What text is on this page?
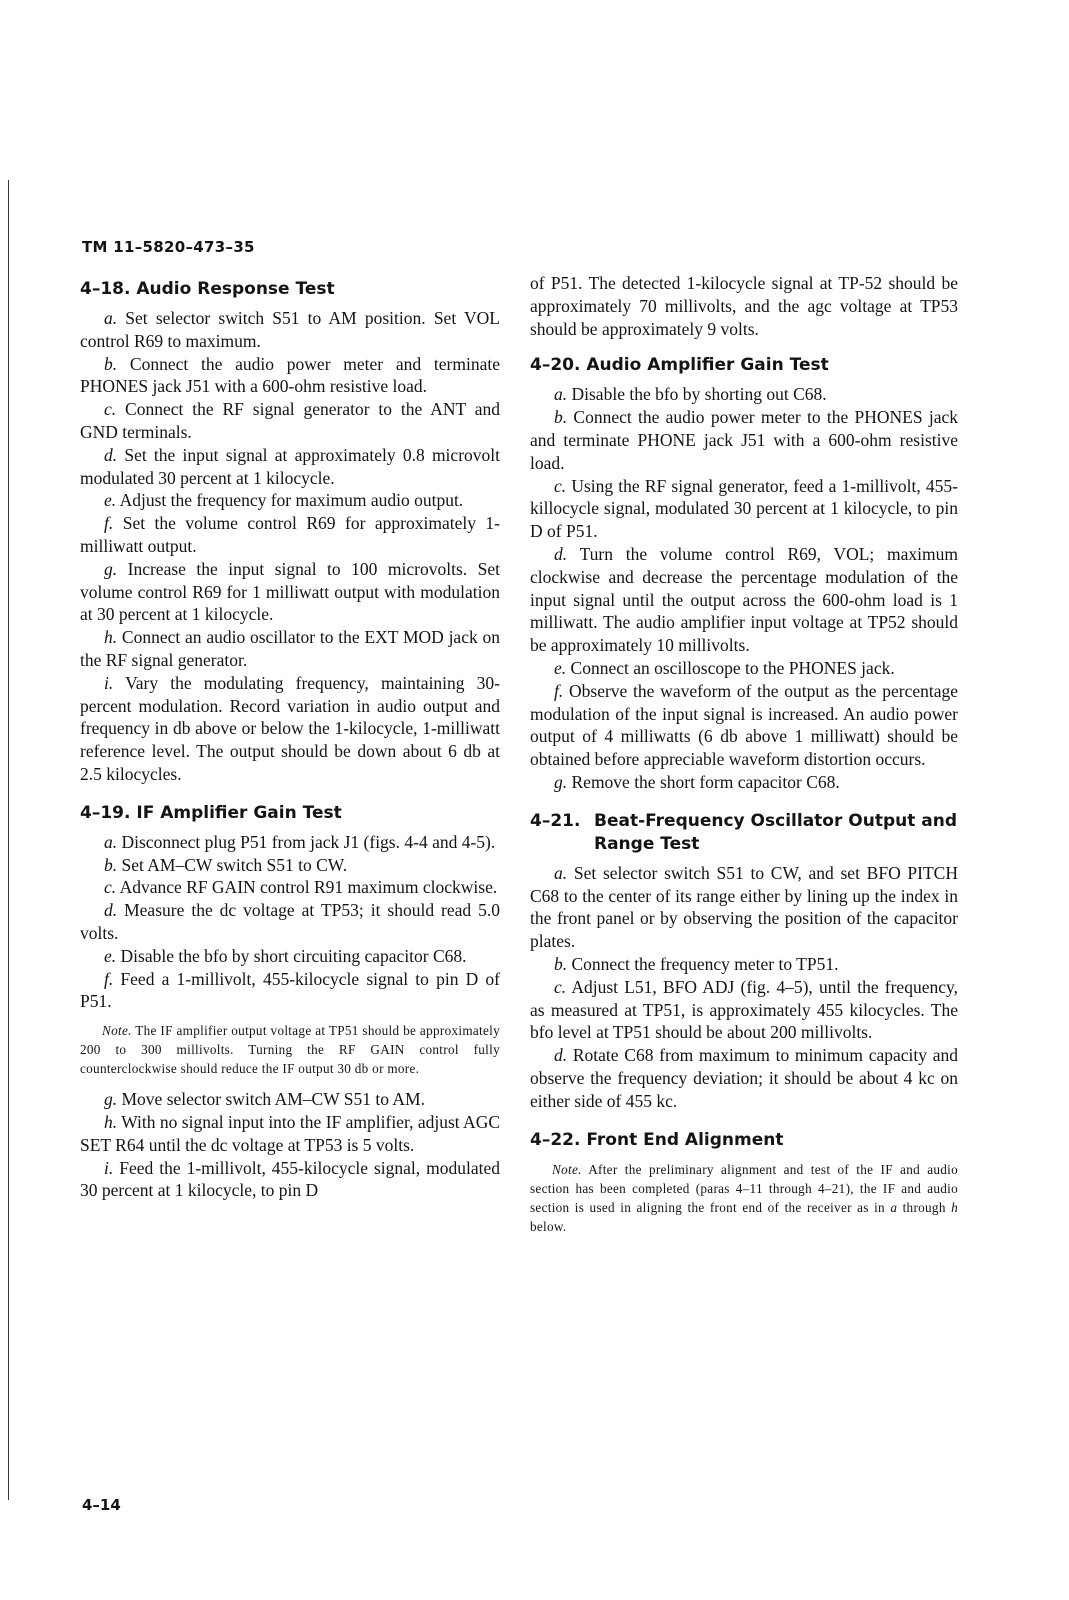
TM 11–5820–473–35
4–18. Audio Response Test

a. Set selector switch S51 to AM position. Set VOL control R69 to maximum.

b. Connect the audio power meter and terminate PHONES jack J51 with a 600-ohm resistive load.

c. Connect the RF signal generator to the ANT and GND terminals.

d. Set the input signal at approximately 0.8 microvolt modulated 30 percent at 1 kilocycle.

e. Adjust the frequency for maximum audio output.

f. Set the volume control R69 for approximately 1-milliwatt output.

g. Increase the input signal to 100 microvolts. Set volume control R69 for 1 milliwatt output with modulation at 30 percent at 1 kilocycle.

h. Connect an audio oscillator to the EXT MOD jack on the RF signal generator.

i. Vary the modulating frequency, maintaining 30-percent modulation. Record variation in audio output and frequency in db above or below the 1-kilocycle, 1-milliwatt reference level. The output should be down about 6 db at 2.5 kilocycles.

4–19. IF Amplifier Gain Test

a. Disconnect plug P51 from jack J1 (figs. 4-4 and 4-5).

b. Set AM–CW switch S51 to CW.

c. Advance RF GAIN control R91 maximum clockwise.

d. Measure the dc voltage at TP53; it should read 5.0 volts.

e. Disable the bfo by short circuiting capacitor C68.

f. Feed a 1-millivolt, 455-kilocycle signal to pin D of P51.

Note. The IF amplifier output voltage at TP51 should be approximately 200 to 300 millivolts. Turning the RF GAIN control fully counterclockwise should reduce the IF output 30 db or more.

g. Move selector switch AM–CW S51 to AM.

h. With no signal input into the IF amplifier, adjust AGC SET R64 until the dc voltage at TP53 is 5 volts.

i. Feed the 1-millivolt, 455-kilocycle signal, modulated 30 percent at 1 kilocycle, to pin D

of P51. The detected 1-kilocycle signal at TP-52 should be approximately 70 millivolts, and the agc voltage at TP53 should be approximately 9 volts.

4–20. Audio Amplifier Gain Test

a. Disable the bfo by shorting out C68.

b. Connect the audio power meter to the PHONES jack and terminate PHONE jack J51 with a 600-ohm resistive load.

c. Using the RF signal generator, feed a 1-millivolt, 455-killocycle signal, modulated 30 percent at 1 kilocycle, to pin D of P51.

d. Turn the volume control R69, VOL; maximum clockwise and decrease the percentage modulation of the input signal until the output across the 600-ohm load is 1 milliwatt. The audio amplifier input voltage at TP52 should be approximately 10 millivolts.

e. Connect an oscilloscope to the PHONES jack.

f. Observe the waveform of the output as the percentage modulation of the input signal is increased. An audio power output of 4 milliwatts (6 db above 1 milliwatt) should be obtained before appreciable waveform distortion occurs.

g. Remove the short form capacitor C68.

4–21. Beat-Frequency Oscillator Output and Range Test

a. Set selector switch S51 to CW, and set BFO PITCH C68 to the center of its range either by lining up the index in the front panel or by observing the position of the capacitor plates.

b. Connect the frequency meter to TP51.

c. Adjust L51, BFO ADJ (fig. 4–5), until the frequency, as measured at TP51, is approximately 455 kilocycles. The bfo level at TP51 should be about 200 millivolts.

d. Rotate C68 from maximum to minimum capacity and observe the frequency deviation; it should be about 4 kc on either side of 455 kc.

4–22. Front End Alignment

Note. After the preliminary alignment and test of the IF and audio section has been completed (paras 4–11 through 4–21), the IF and audio section is used in aligning the front end of the receiver as in a through h below.

4–14
